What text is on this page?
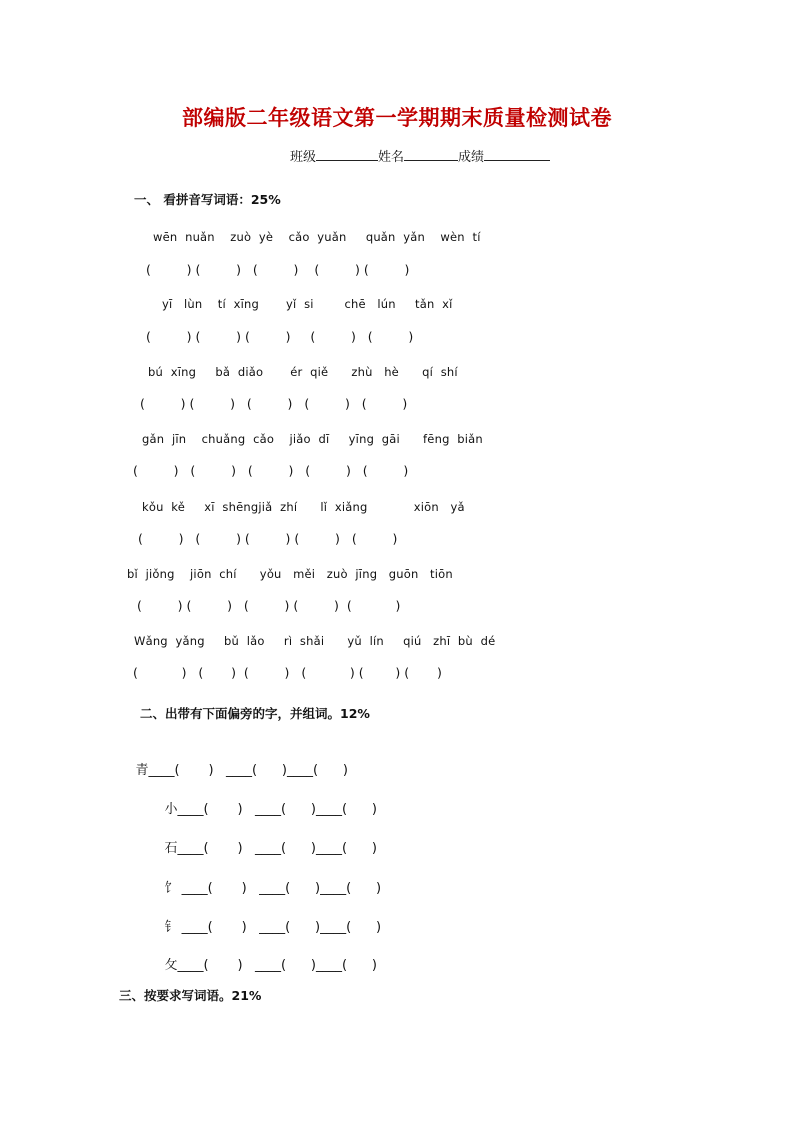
部编版二年级语文第一学期期末质量检测试卷
班级	姓名	成绩
一、 看拼音写词语：25%
wēn  nuǎn    zuò  yè    cǎo  yuǎn     quǎn  yǎn    wèn  tí
(         ) (         )   (         )    (         ) (         )
yī   lùn    tí  xīng       yǐ  si        chē   lún     tǎn  xǐ
(         ) (         ) (         )     (         )   (         )
bú  xīng     bǎ  diǎo       ér  qiě      zhù   hè      qí  shí
(         ) (         )   (         )   (         )   (         )
gǎn  jīn    chuǎng  cǎo    jiǎo  dī     yīng  gāi      fēng  biǎn
(         )   (         )   (         )   (         )   (         )
kǒu  kě     xī  shēngjiǎ  zhí      lǐ  xiǎng            xiōn   yǎ
(         )   (         ) (         ) (         )   (         )
bǐ  jiǒng    jiōn  chí      yǒu   měi   zuò  jīng   guōn   tiōn
(         ) (         )   (         ) (         )  (           )
Wǎng  yǎng     bǔ  lǎo     rì  shǎi      yǔ  lín     qiú   zhī  bù  dé
(           )   (       )  (         )   (           ) (        ) (       )
二、出带有下面偏旁的字，并组词。12%

青____(       )   ____(      )____(      )

小____(       )   ____(      )____(      )

石____(       )   ____(      )____(      )

饣 ____(       )   ____(      )____(      )

钅 ____(       )   ____(      )____(      )

攵____(       )   ____(      )____(      )

三、按要求写词语。21%
